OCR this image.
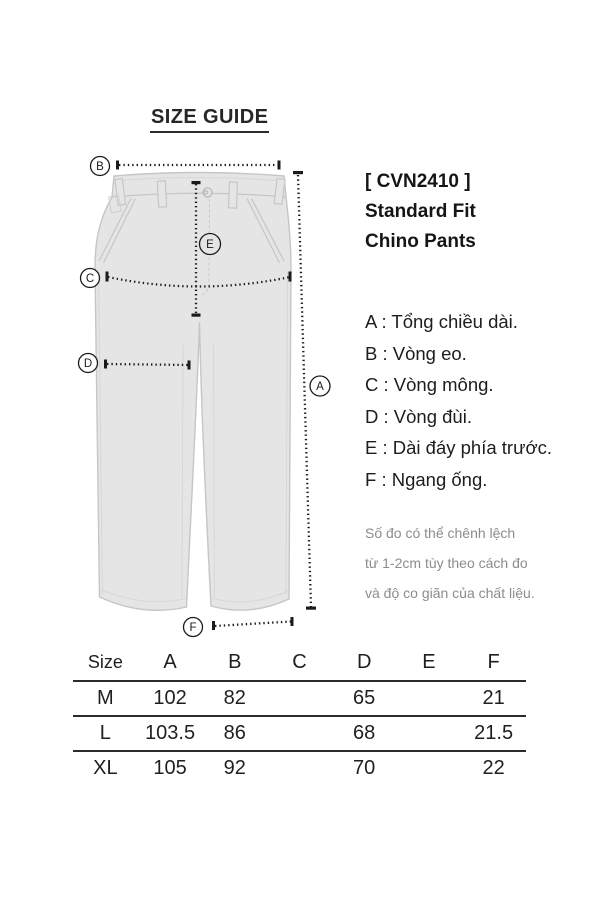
SIZE GUIDE
B
C
D
E
A
F
[ CVN2410 ]
Standard Fit
Chino Pants
A : Tổng chiều dài.
B : Vòng eo.
C : Vòng mông.
D : Vòng đùi.
E : Dài đáy phía trước.
F : Ngang ống.
Số đo có thể chênh lệch
từ 1-2cm tùy theo cách đo
và độ co giãn của chất liệu.
Size	A	B	C	D	E	F
M	102	82		65		21
L	103.5	86		68		21.5
XL	105	92		70		22
